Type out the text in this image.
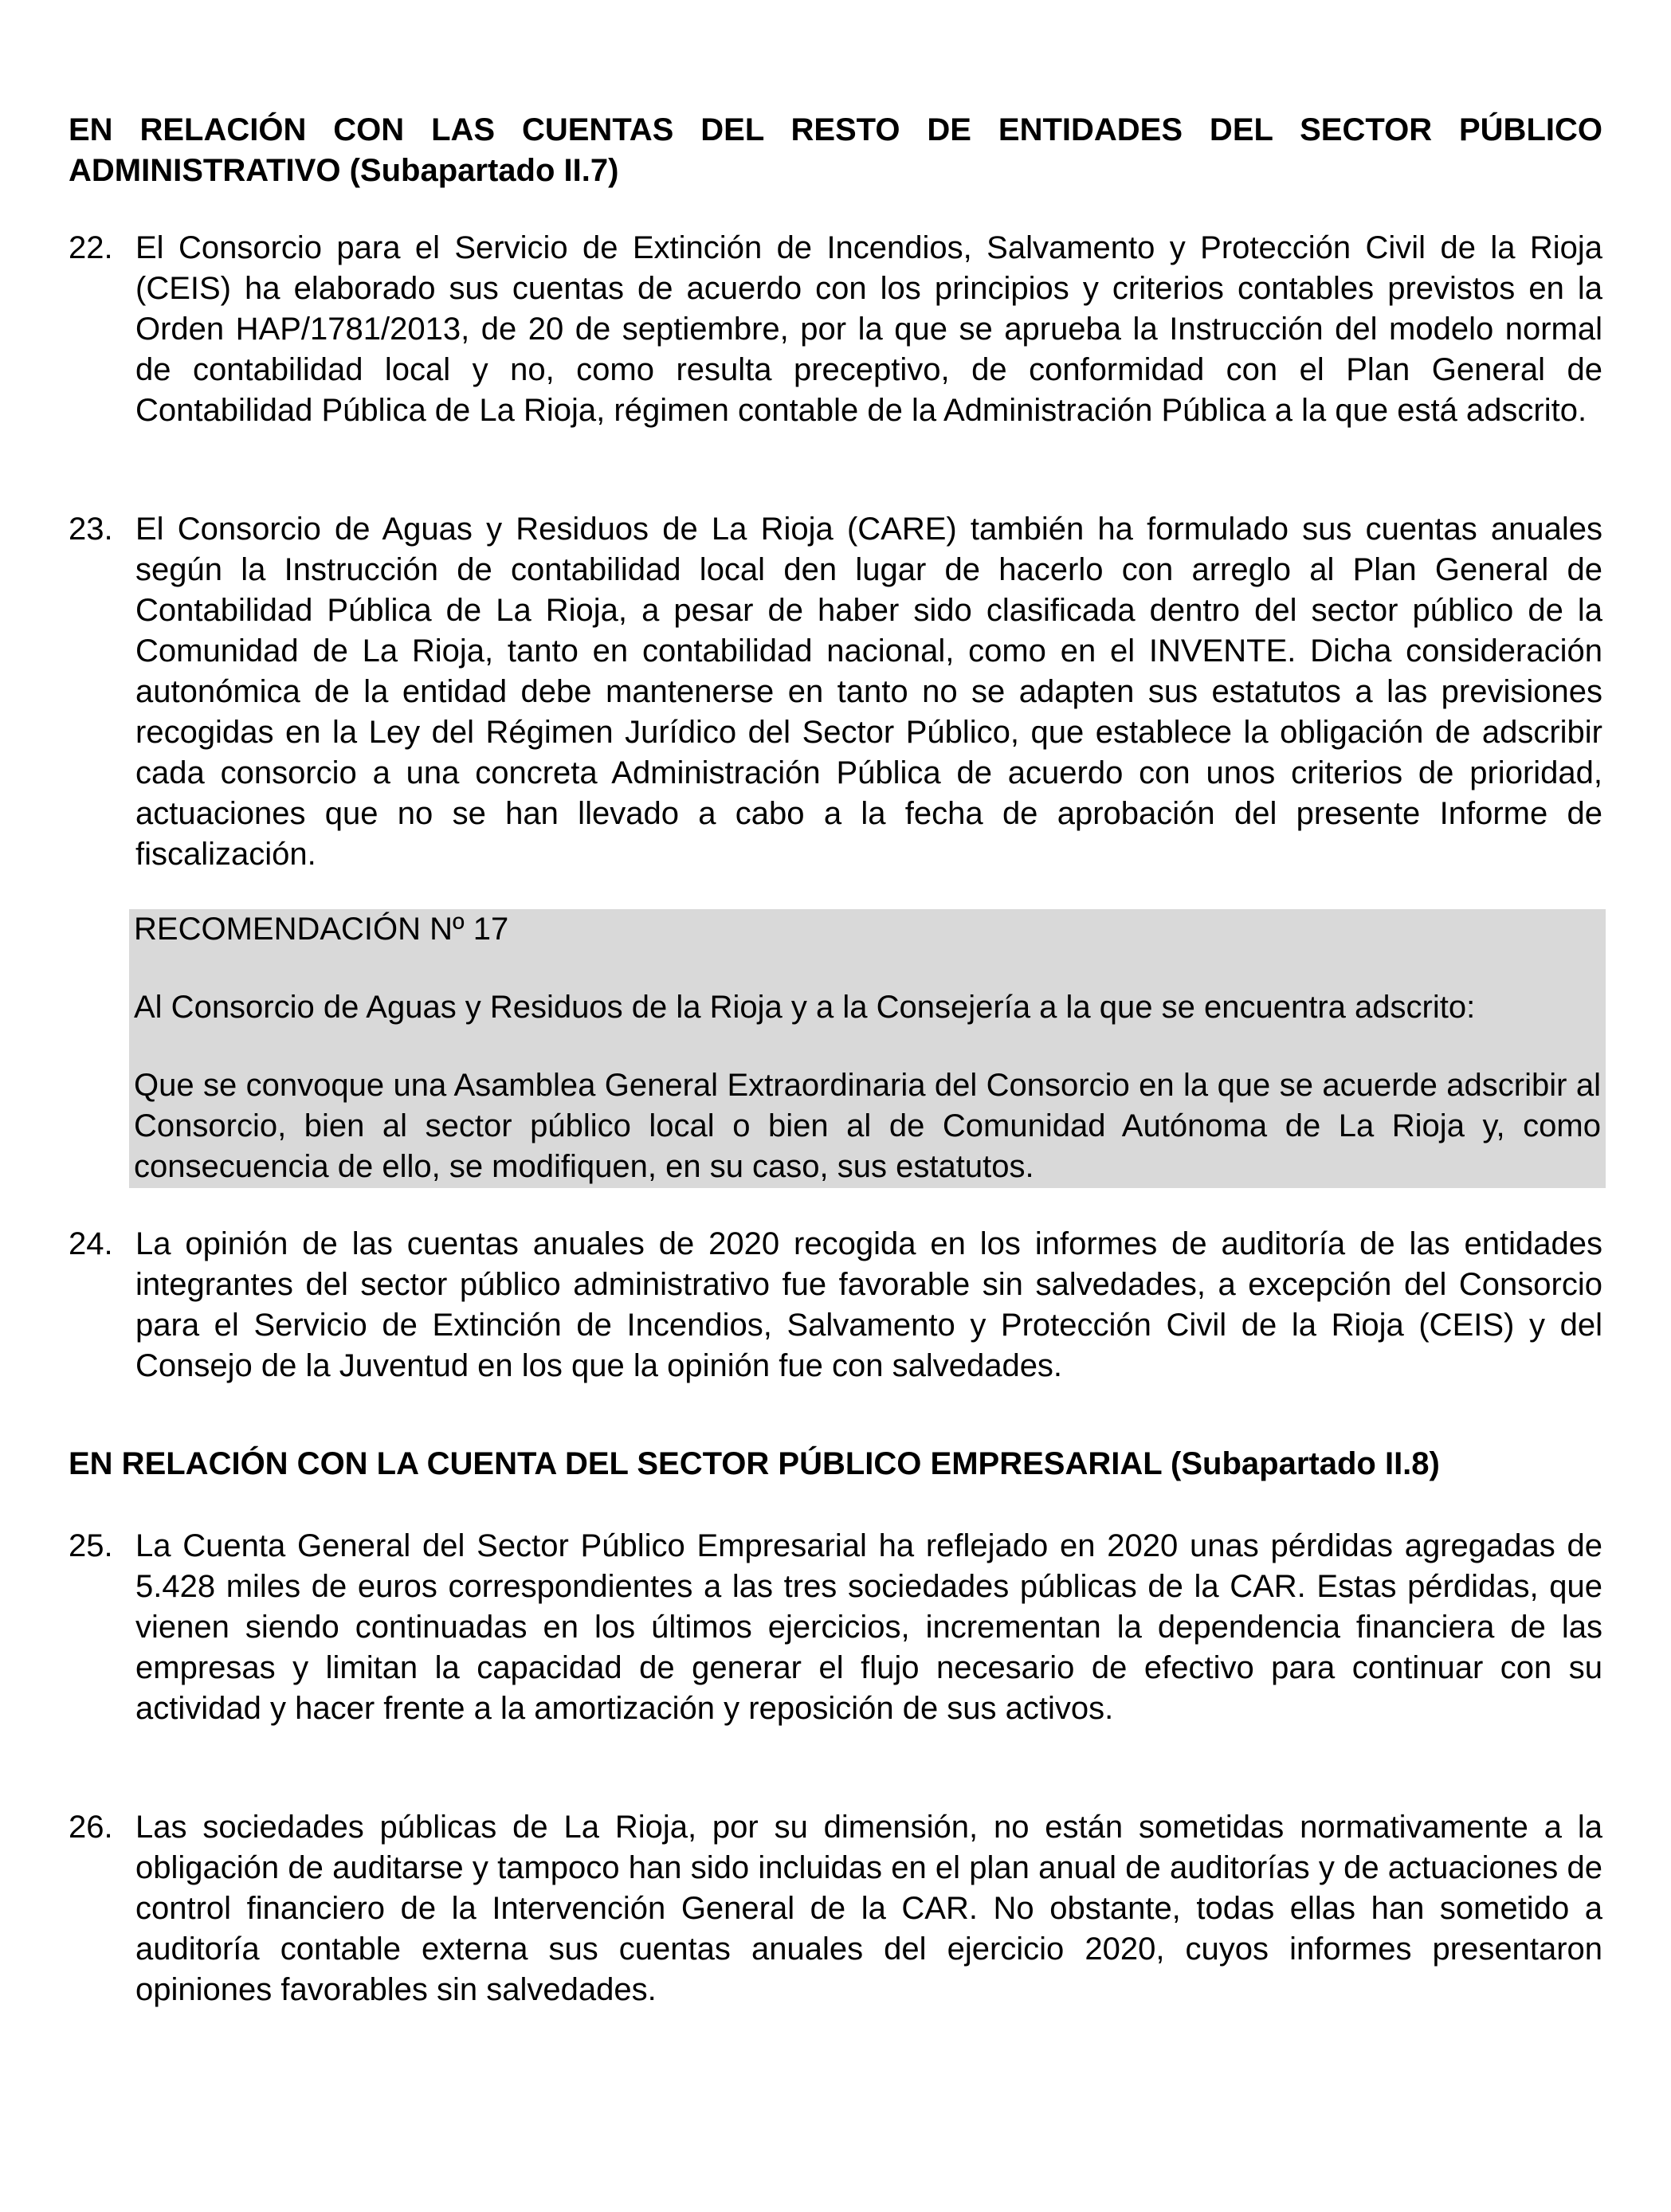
EN RELACIÓN CON LAS CUENTAS DEL RESTO DE ENTIDADES DEL SECTOR PÚBLICO ADMINISTRATIVO (Subapartado II.7)
22. El Consorcio para el Servicio de Extinción de Incendios, Salvamento y Protección Civil de la Rioja (CEIS) ha elaborado sus cuentas de acuerdo con los principios y criterios contables previstos en la Orden HAP/1781/2013, de 20 de septiembre, por la que se aprueba la Instrucción del modelo normal de contabilidad local y no, como resulta preceptivo, de conformidad con el Plan General de Contabilidad Pública de La Rioja, régimen contable de la Administración Pública a la que está adscrito.
23. El Consorcio de Aguas y Residuos de La Rioja (CARE) también ha formulado sus cuentas anuales según la Instrucción de contabilidad local den lugar de hacerlo con arreglo al Plan General de Contabilidad Pública de La Rioja, a pesar de haber sido clasificada dentro del sector público de la Comunidad de La Rioja, tanto en contabilidad nacional, como en el INVENTE. Dicha consideración autonómica de la entidad debe mantenerse en tanto no se adapten sus estatutos a las previsiones recogidas en la Ley del Régimen Jurídico del Sector Público, que establece la obligación de adscribir cada consorcio a una concreta Administración Pública de acuerdo con unos criterios de prioridad, actuaciones que no se han llevado a cabo a la fecha de aprobación del presente Informe de fiscalización.

RECOMENDACIÓN Nº 17

Al Consorcio de Aguas y Residuos de la Rioja y a la Consejería a la que se encuentra adscrito:

Que se convoque una Asamblea General Extraordinaria del Consorcio en la que se acuerde adscribir al Consorcio, bien al sector público local o bien al de Comunidad Autónoma de La Rioja y, como consecuencia de ello, se modifiquen, en su caso, sus estatutos.

24. La opinión de las cuentas anuales de 2020 recogida en los informes de auditoría de las entidades integrantes del sector público administrativo fue favorable sin salvedades, a excepción del Consorcio para el Servicio de Extinción de Incendios, Salvamento y Protección Civil de la Rioja (CEIS) y del Consejo de la Juventud en los que la opinión fue con salvedades.
EN RELACIÓN CON LA CUENTA DEL SECTOR PÚBLICO EMPRESARIAL (Subapartado II.8)
25. La Cuenta General del Sector Público Empresarial ha reflejado en 2020 unas pérdidas agregadas de 5.428 miles de euros correspondientes a las tres sociedades públicas de la CAR. Estas pérdidas, que vienen siendo continuadas en los últimos ejercicios, incrementan la dependencia financiera de las empresas y limitan la capacidad de generar el flujo necesario de efectivo para continuar con su actividad y hacer frente a la amortización y reposición de sus activos.
26. Las sociedades públicas de La Rioja, por su dimensión, no están sometidas normativamente a la obligación de auditarse y tampoco han sido incluidas en el plan anual de auditorías y de actuaciones de control financiero de la Intervención General de la CAR. No obstante, todas ellas han sometido a auditoría contable externa sus cuentas anuales del ejercicio 2020, cuyos informes presentaron opiniones favorables sin salvedades.
